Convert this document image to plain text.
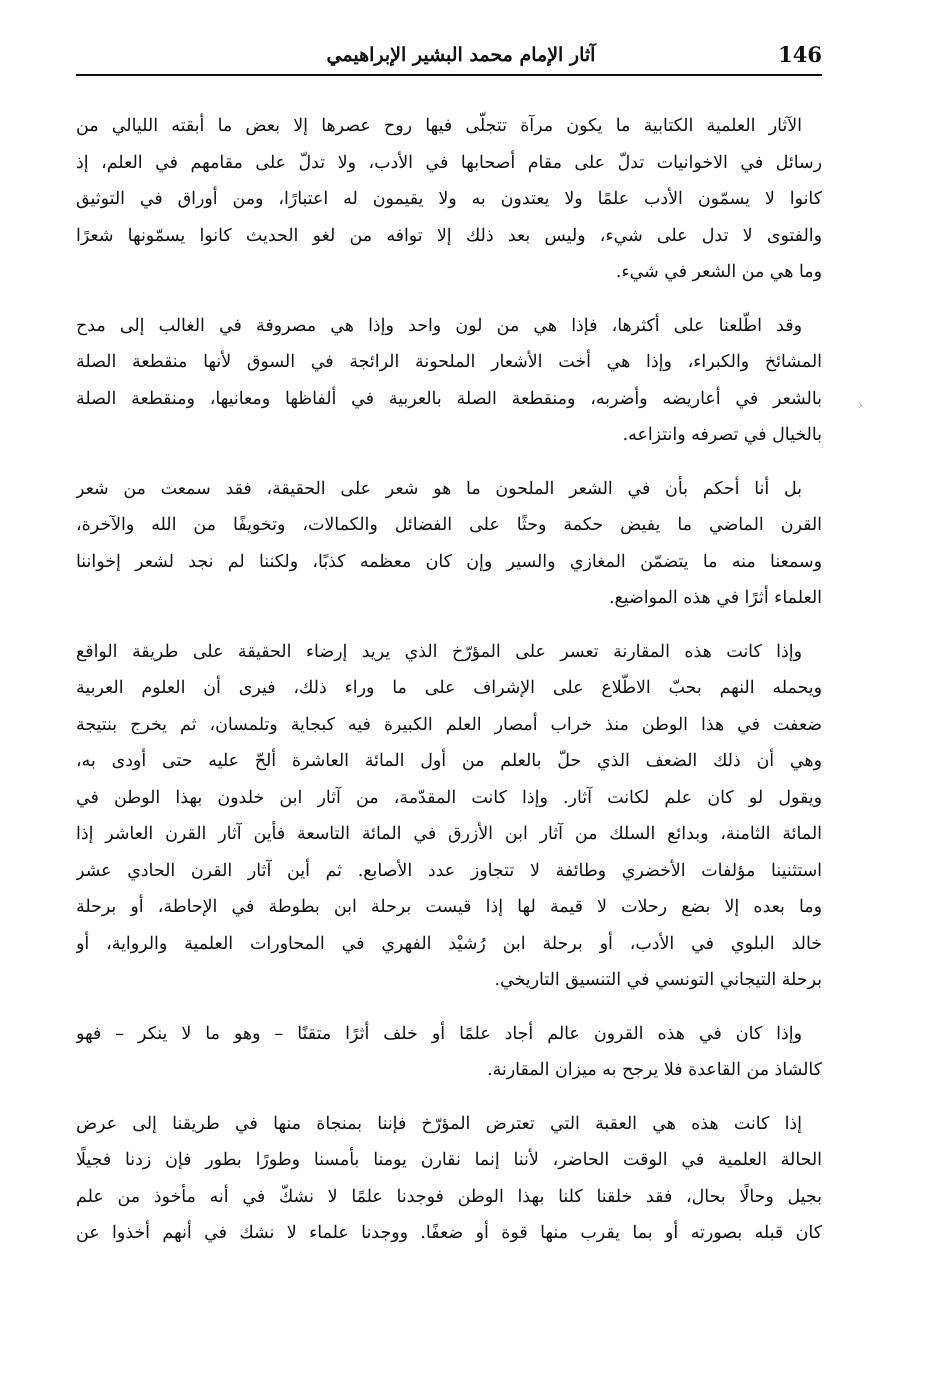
146
آثار الإمام محمد البشير الإبراهيمي
الآثار العلمية الكتابية ما يكون مرآة تتجلّى فيها روح عصرها إلا بعض ما أبقته الليالي من
رسائل في الاخوانيات تدلّ على مقام أصحابها في الأدب، ولا تدلّ على مقامهم في العلم، إذ
كانوا لا يسمّون الأدب علمًا ولا يعتدون به ولا يقيمون له اعتبارًا، ومن أوراق في التوثيق
والفتوى لا تدل على شيء، وليس بعد ذلك إلا توافه من لغو الحديث كانوا يسمّونها شعرًا
وما هي من الشعر في شيء.
وقد اطّلعنا على أكثرها، فإذا هي من لون واحد وإذا هي مصروفة في الغالب إلى مدح
المشائخ والكبراء، وإذا هي أخت الأشعار الملحونة الرائجة في السوق لأنها منقطعة الصلة
بالشعر في أعاريضه وأضربه، ومنقطعة الصلة بالعربية في ألفاظها ومعانيها، ومنقطعة الصلة
بالخيال في تصرفه وانتزاعه.
بل أنا أحكم بأن في الشعر الملحون ما هو شعر على الحقيقة، فقد سمعت من شعر
القرن الماضي ما يفيض حكمة وحثًا على الفضائل والكمالات، وتخويفًا من الله والآخرة،
وسمعنا منه ما يتضمّن المغازي والسير وإن كان معظمه كذبًا، ولكننا لم نجد لشعر إخواننا
العلماء أثرًا في هذه المواضيع.
وإذا كانت هذه المقارنة تعسر على المؤرّخ الذي يريد إرضاء الحقيقة على طريقة الواقع
ويحمله النهم بحبّ الاطّلاع على الإشراف على ما وراء ذلك، فيرى أن العلوم العربية
ضعفت في هذا الوطن منذ خراب أمصار العلم الكبيرة فيه كبجاية وتلمسان، ثم يخرج بنتيجة
وهي أن ذلك الضعف الذي حلّ بالعلم من أول المائة العاشرة ألحّ عليه حتى أودى به،
ويقول لو كان علم لكانت آثار. وإذا كانت المقدّمة، من آثار ابن خلدون بهذا الوطن في
المائة الثامنة، وبدائع السلك من آثار ابن الأزرق في المائة التاسعة فأين آثار القرن العاشر إذا
استثنينا مؤلفات الأخضري وطائفة لا تتجاوز عدد الأصابع. ثم أين آثار القرن الحادي عشر
وما بعده إلا بضع رحلات لا قيمة لها إذا قيست برحلة ابن بطوطة في الإحاطة، أو برحلة
خالد البلوي في الأدب، أو برحلة ابن رُشيْد الفهري في المحاورات العلمية والرواية، أو
برحلة التيجاني التونسي في التنسيق التاريخي.
وإذا كان في هذه القرون عالم أجاد علمًا أو خلف أثرًا متقنًا – وهو ما لا ينكر – فهو
كالشاذ من القاعدة فلا يرجح به ميزان المقارنة.
إذا كانت هذه هي العقبة التي تعترض المؤرّخ فإننا بمنجاة منها في طريقنا إلى عرض
الحالة العلمية في الوقت الحاضر، لأننا إنما نقارن يومنا بأمسنا وطورًا بطور فإن زدنا فجيلًا
بجيل وحالًا بحال، فقد خلقنا كلنا بهذا الوطن فوجدنا علمًا لا نشكّ في أنه مأخوذ من علم
كان قبله بصورته أو بما يقرب منها قوة أو ضعفًا. ووجدنا علماء لا نشك في أنهم أخذوا عن
›
